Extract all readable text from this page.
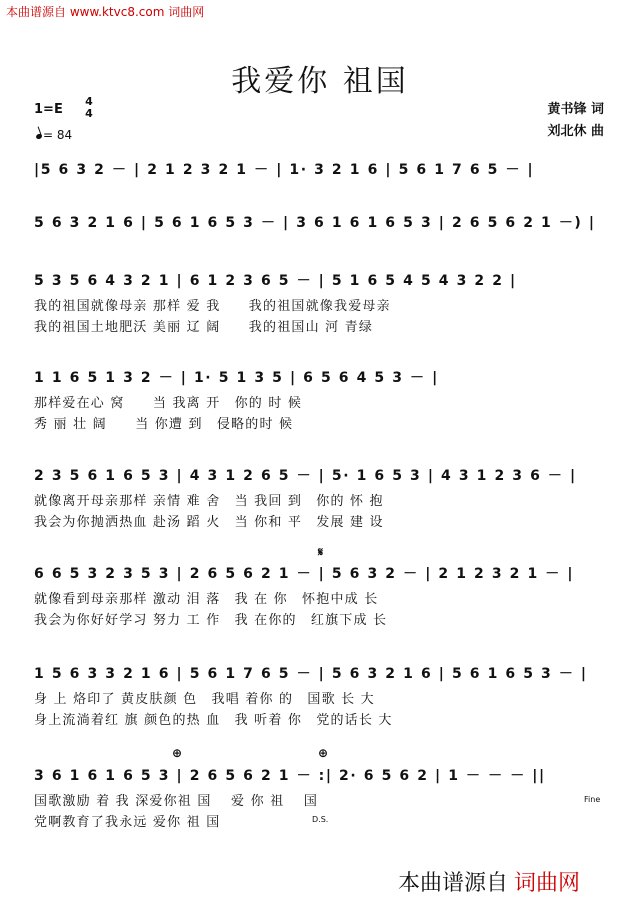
本曲谱源自 www.ktvc8.com 词曲网
我爱你 祖国
1=E
4
4
= 84
黄书锋 词
刘北休 曲
|5 6 3 2 － | 2 1 2 3 2 1 － | 1· 3 2 1 6 | 5 6 1 7 6 5 － |
5 6 3 2 1 6 | 5 6 1 6 5 3 － | 3 6 1 6 1 6 5 3 | 2 6 5 6 2 1 －) |
5 3 5 6 4 3 2 1 | 6 1 2 3 6 5 － | 5 1 6 5 4 5 4 3 2 2 |
我的祖国就像母亲 那样 爱 我　　我的祖国就像我爱母亲
我的祖国土地肥沃 美丽 辽 阔　　我的祖国山 河 青绿
1 1 6 5 1 3 2 － | 1· 5 1 3 5 | 6 5 6 4 5 3 － |
那样爱在心 窝　　当 我离 开　你的 时 候
秀 丽 壮 阔　　当 你遭 到　侵略的时 候
2 3 5 6 1 6 5 3 | 4 3 1 2 6 5 － | 5· 1 6 5 3 | 4 3 1 2 3 6 － |
就像离开母亲那样 亲情 难 舍　当 我回 到　你的 怀 抱
我会为你抛洒热血 赴汤 蹈 火　当 你和 平　发展 建 设
𝄋
6 6 5 3 2 3 5 3 | 2 6 5 6 2 1 － | 5 6 3 2 － | 2 1 2 3 2 1 － |
就像看到母亲那样 激动 泪 落　我 在 你　怀抱中成 长
我会为你好好学习 努力 工 作　我 在你的　红旗下成 长
1 5 6 3 3 2 1 6 | 5 6 1 7 6 5 － | 5 6 3 2 1 6 | 5 6 1 6 5 3 － |
身 上 烙印了 黄皮肤颜 色　我唱 着你 的　国歌 长 大
身上流淌着红 旗 颜色的热 血　我 听着 你　党的话长 大
⊕	⊕
3 6 1 6 1 6 5 3 | 2 6 5 6 2 1 － :| 2· 6 5 6 2 | 1 － － － ||
国歌激励 着 我 深爱你祖 国　 爱 你 祖　 国
党啊教育了我永远 爱你 祖 国
Fine
D.S.
本曲谱源自 词曲网
